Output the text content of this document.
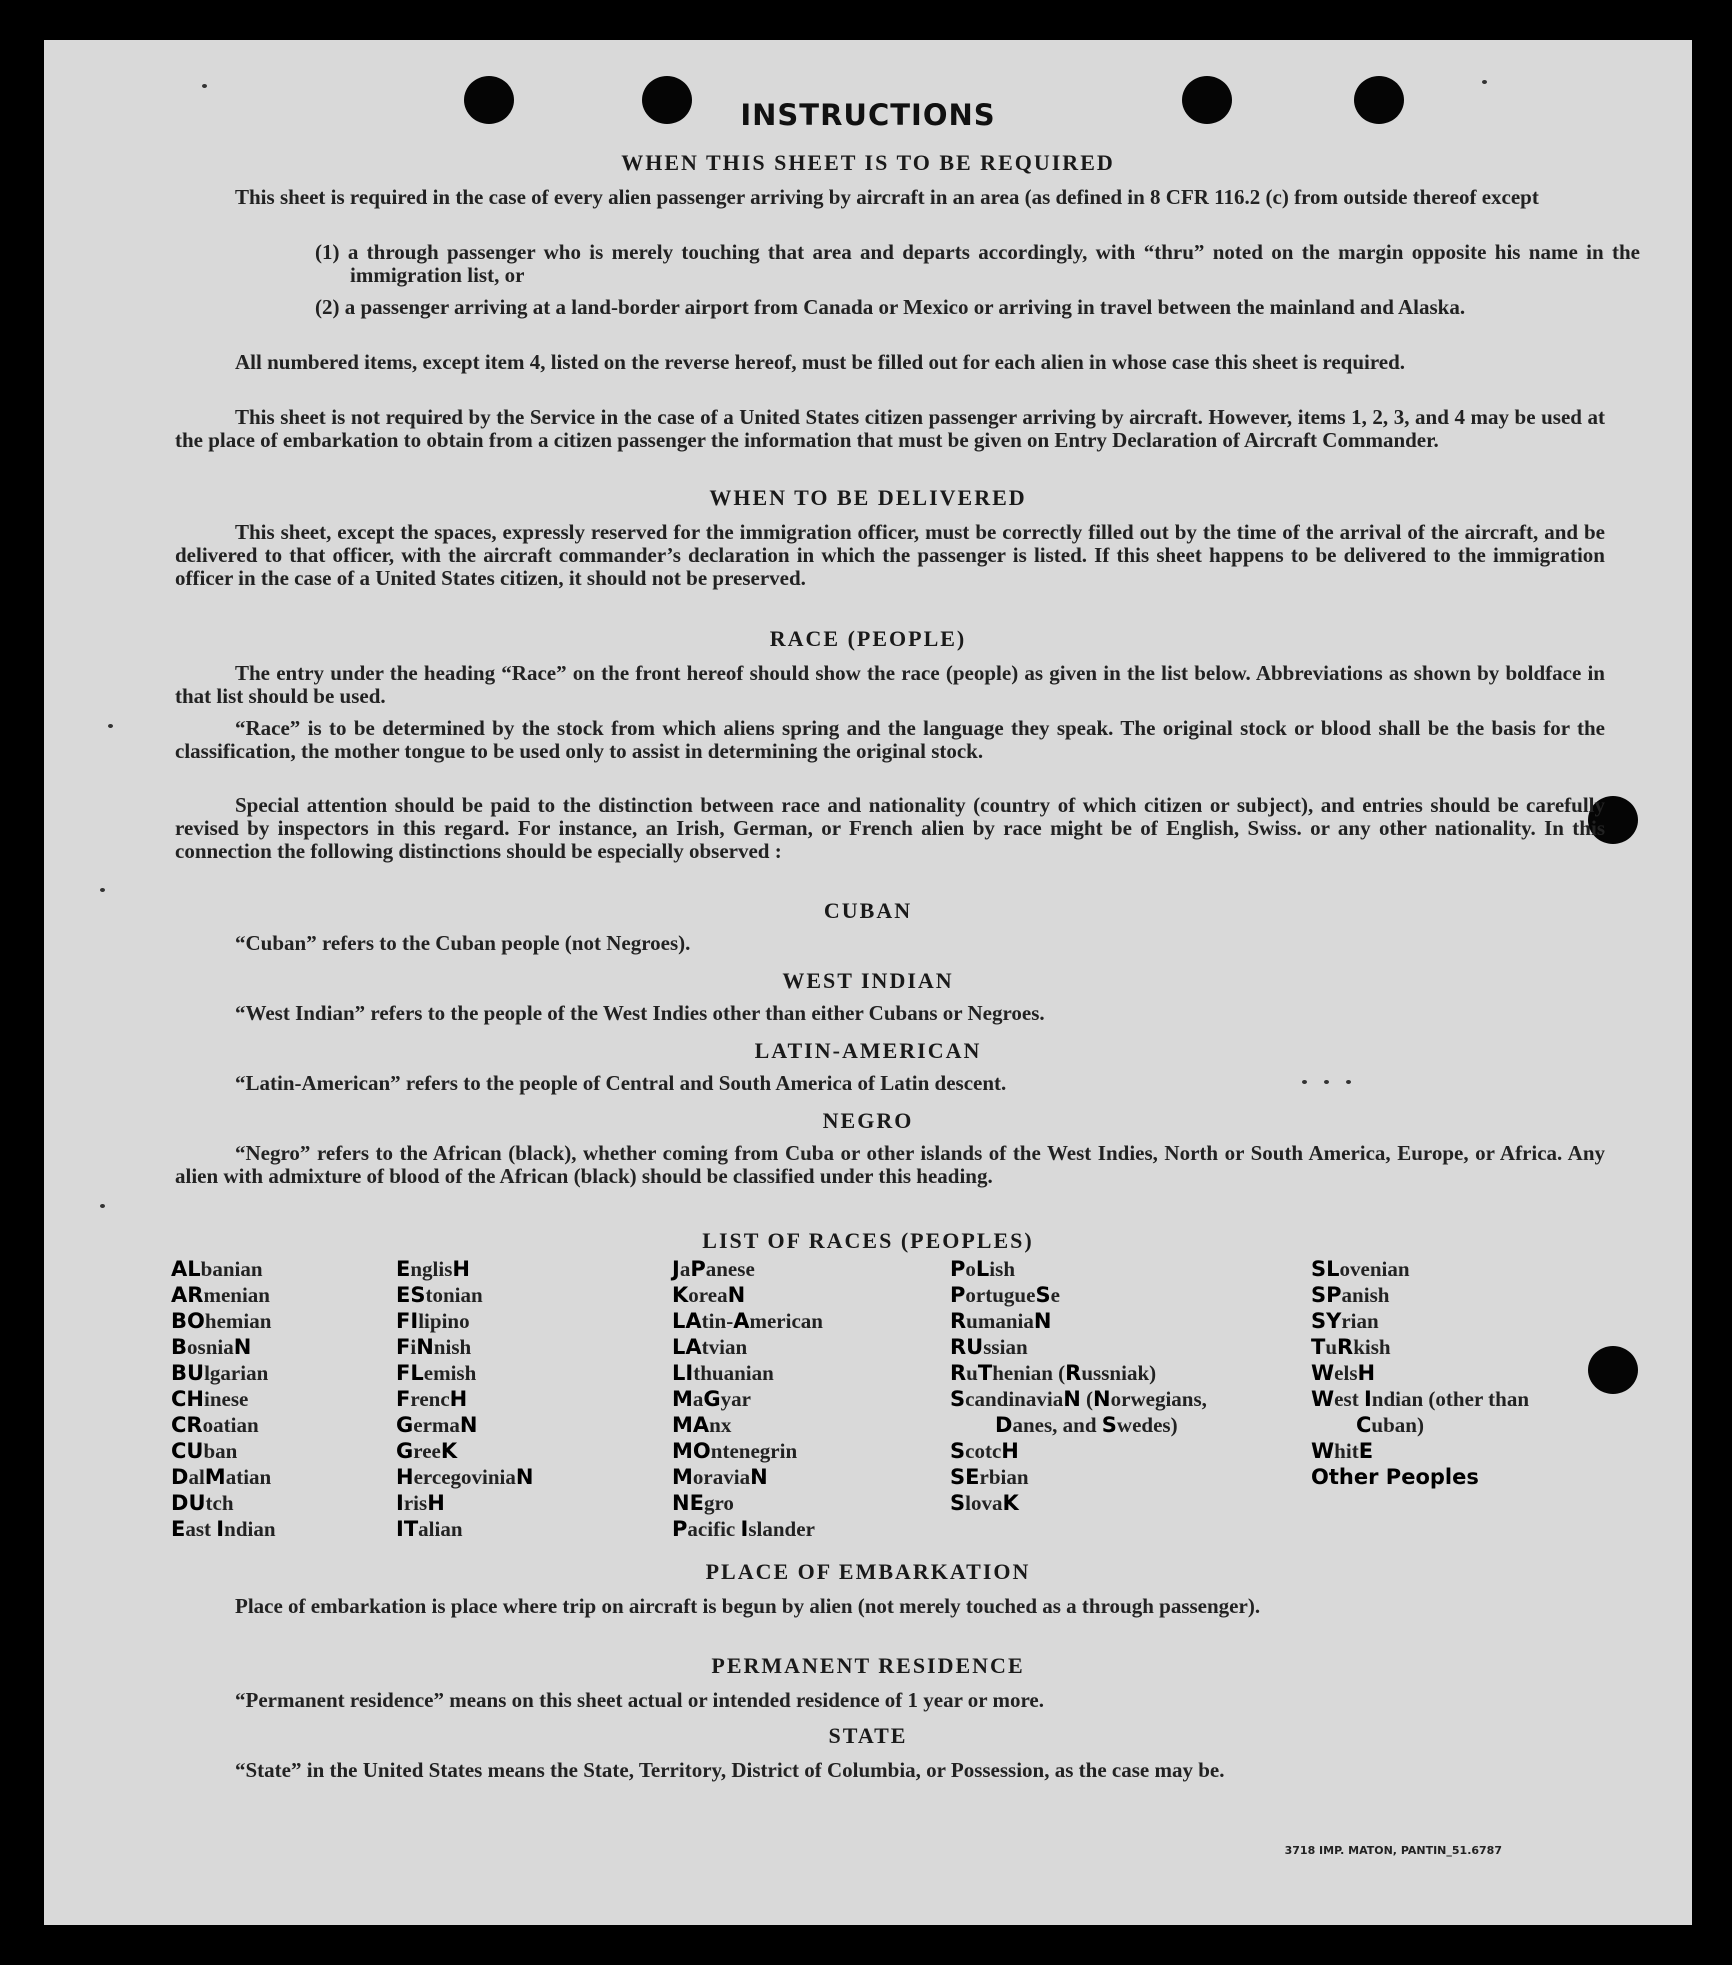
INSTRUCTIONS
WHEN THIS SHEET IS TO BE REQUIRED
This sheet is required in the case of every alien passenger arriving by aircraft in an area (as defined in 8 CFR 116.2 (c) from outside thereof except
(1) a through passenger who is merely touching that area and departs accordingly, with “thru” noted on the margin opposite his name in the immigration list, or
(2) a passenger arriving at a land-border airport from Canada or Mexico or arriving in travel between the mainland and Alaska.
All numbered items, except item 4, listed on the reverse hereof, must be filled out for each alien in whose case this sheet is required.
This sheet is not required by the Service in the case of a United States citizen passenger arriving by aircraft. However, items 1, 2, 3, and 4 may be used at the place of embarkation to obtain from a citizen passenger the information that must be given on Entry Declaration of Aircraft Commander.
WHEN TO BE DELIVERED
This sheet, except the spaces, expressly reserved for the immigration officer, must be correctly filled out by the time of the arrival of the aircraft, and be delivered to that officer, with the aircraft commander’s declaration in which the passenger is listed. If this sheet happens to be delivered to the immigration officer in the case of a United States citizen, it should not be preserved.
RACE (PEOPLE)
The entry under the heading “Race” on the front hereof should show the race (people) as given in the list below. Abbreviations as shown by boldface in that list should be used.
“Race” is to be determined by the stock from which aliens spring and the language they speak. The original stock or blood shall be the basis for the classification, the mother tongue to be used only to assist in determining the original stock.
Special attention should be paid to the distinction between race and nationality (country of which citizen or subject), and entries should be carefully revised by inspectors in this regard. For instance, an Irish, German, or French alien by race might be of English, Swiss. or any other nationality. In this connection the following distinctions should be especially observed :
CUBAN
“Cuban” refers to the Cuban people (not Negroes).
WEST INDIAN
“West Indian” refers to the people of the West Indies other than either Cubans or Negroes.
LATIN-AMERICAN
“Latin-American” refers to the people of Central and South America of Latin descent.
NEGRO
“Negro” refers to the African (black), whether coming from Cuba or other islands of the West Indies, North or South America, Europe, or Africa. Any alien with admixture of blood of the African (black) should be classified under this heading.
LIST OF RACES (PEOPLES)
ALbanian
ARmenian
BOhemian
BosniaN
BUlgarian
CHinese
CRoatian
CUban
DalMatian
DUtch
East Indian
EnglisH
EStonian
FIlipino
FiNnish
FLemish
FrencH
GermaN
GreeK
HercegoviniaN
IrisH
ITalian
JaPanese
KoreaN
LAtin-American
LAtvian
LIthuanian
MaGyar
MAnx
MOntenegrin
MoraviaN
NEgro
Pacific Islander
PoLish
PortugueSe
RumaniaN
RUssian
RuThenian (Russniak)
ScandinaviaN (Norwegians, Danes, and Swedes)
ScotcH
SErbian
SlovaK
SLovenian
SPanish
SYrian
TuRkish
WelsH
West Indian (other than Cuban)
WhitE
Other Peoples
PLACE OF EMBARKATION
Place of embarkation is place where trip on aircraft is begun by alien (not merely touched as a through passenger).
PERMANENT RESIDENCE
“Permanent residence” means on this sheet actual or intended residence of 1 year or more.
STATE
“State” in the United States means the State, Territory, District of Columbia, or Possession, as the case may be.
3718 IMP. MATON, PANTIN_51.6787
